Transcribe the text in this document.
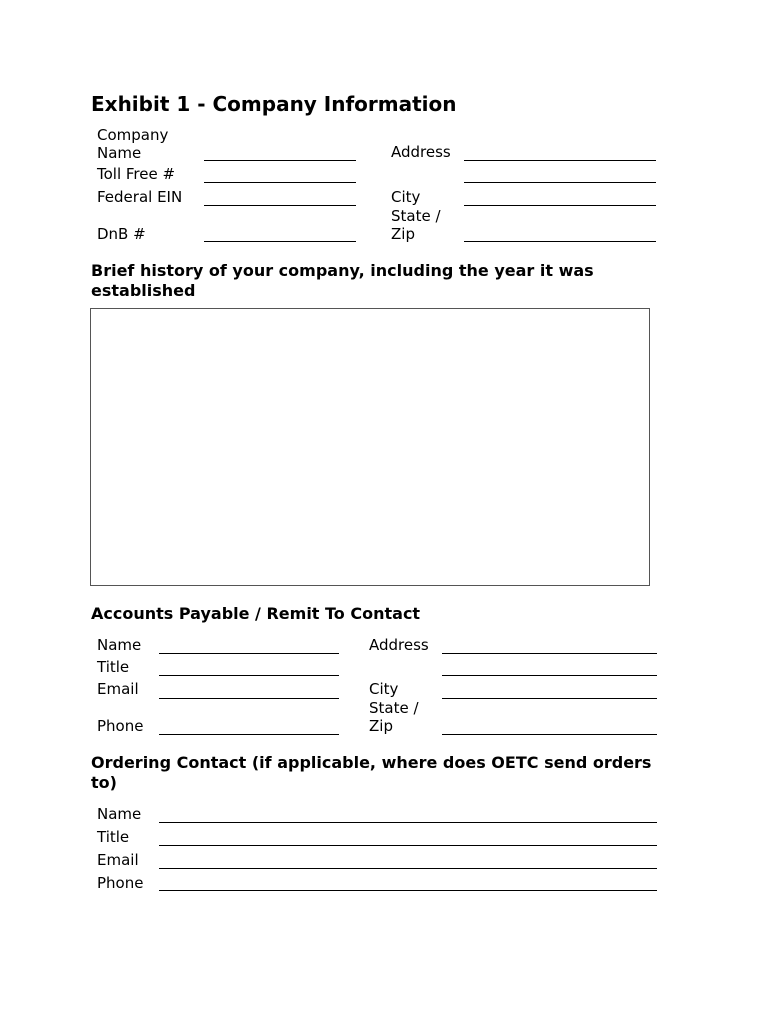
Exhibit 1 - Company Information
Company
Name
Toll Free #
Federal EIN
DnB #
Address
City
State /
Zip
Brief history of your company, including the year it was
established
Accounts Payable / Remit To Contact
Name
Title
Email
Phone
Address
City
State /
Zip
Ordering Contact (if applicable, where does OETC send orders
to)
Name
Title
Email
Phone
